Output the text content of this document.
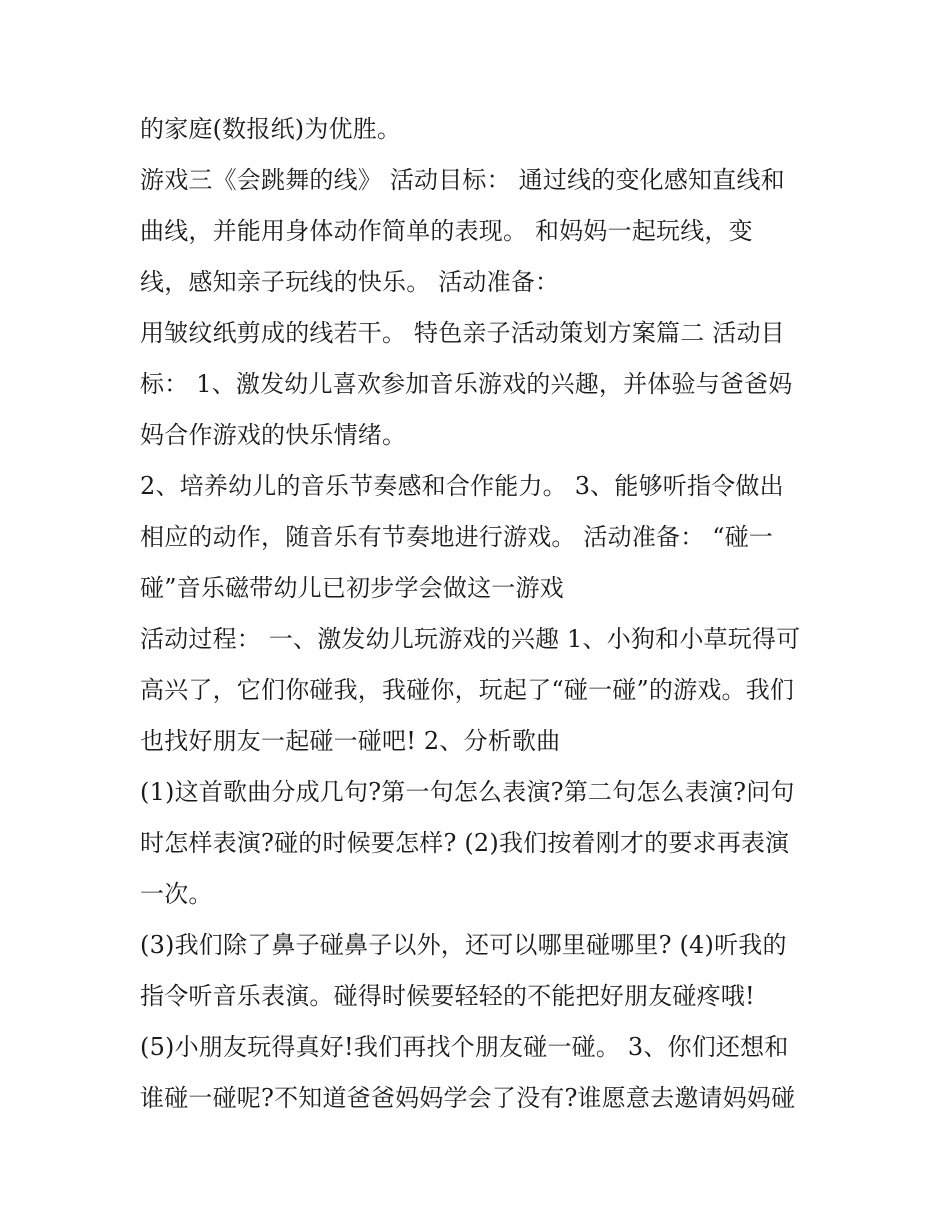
的家庭(数报纸)为优胜。
游戏三《会跳舞的线》 活动目标： 通过线的变化感知直线和
曲线，并能用身体动作简单的表现。 和妈妈一起玩线，变
线，感知亲子玩线的快乐。 活动准备：
用皱纹纸剪成的线若干。 特色亲子活动策划方案篇二 活动目
标： 1、激发幼儿喜欢参加音乐游戏的兴趣，并体验与爸爸妈
妈合作游戏的快乐情绪。
2、培养幼儿的音乐节奏感和合作能力。 3、能够听指令做出
相应的动作，随音乐有节奏地进行游戏。 活动准备： “碰一
碰”音乐磁带幼儿已初步学会做这一游戏
活动过程： 一、激发幼儿玩游戏的兴趣 1、小狗和小草玩得可
高兴了，它们你碰我，我碰你，玩起了“碰一碰”的游戏。我们
也找好朋友一起碰一碰吧! 2、分析歌曲
(1)这首歌曲分成几句?第一句怎么表演?第二句怎么表演?问句
时怎样表演?碰的时候要怎样? (2)我们按着刚才的要求再表演
一次。
(3)我们除了鼻子碰鼻子以外，还可以哪里碰哪里? (4)听我的
指令听音乐表演。碰得时候要轻轻的不能把好朋友碰疼哦!
(5)小朋友玩得真好!我们再找个朋友碰一碰。 3、你们还想和
谁碰一碰呢?不知道爸爸妈妈学会了没有?谁愿意去邀请妈妈碰
